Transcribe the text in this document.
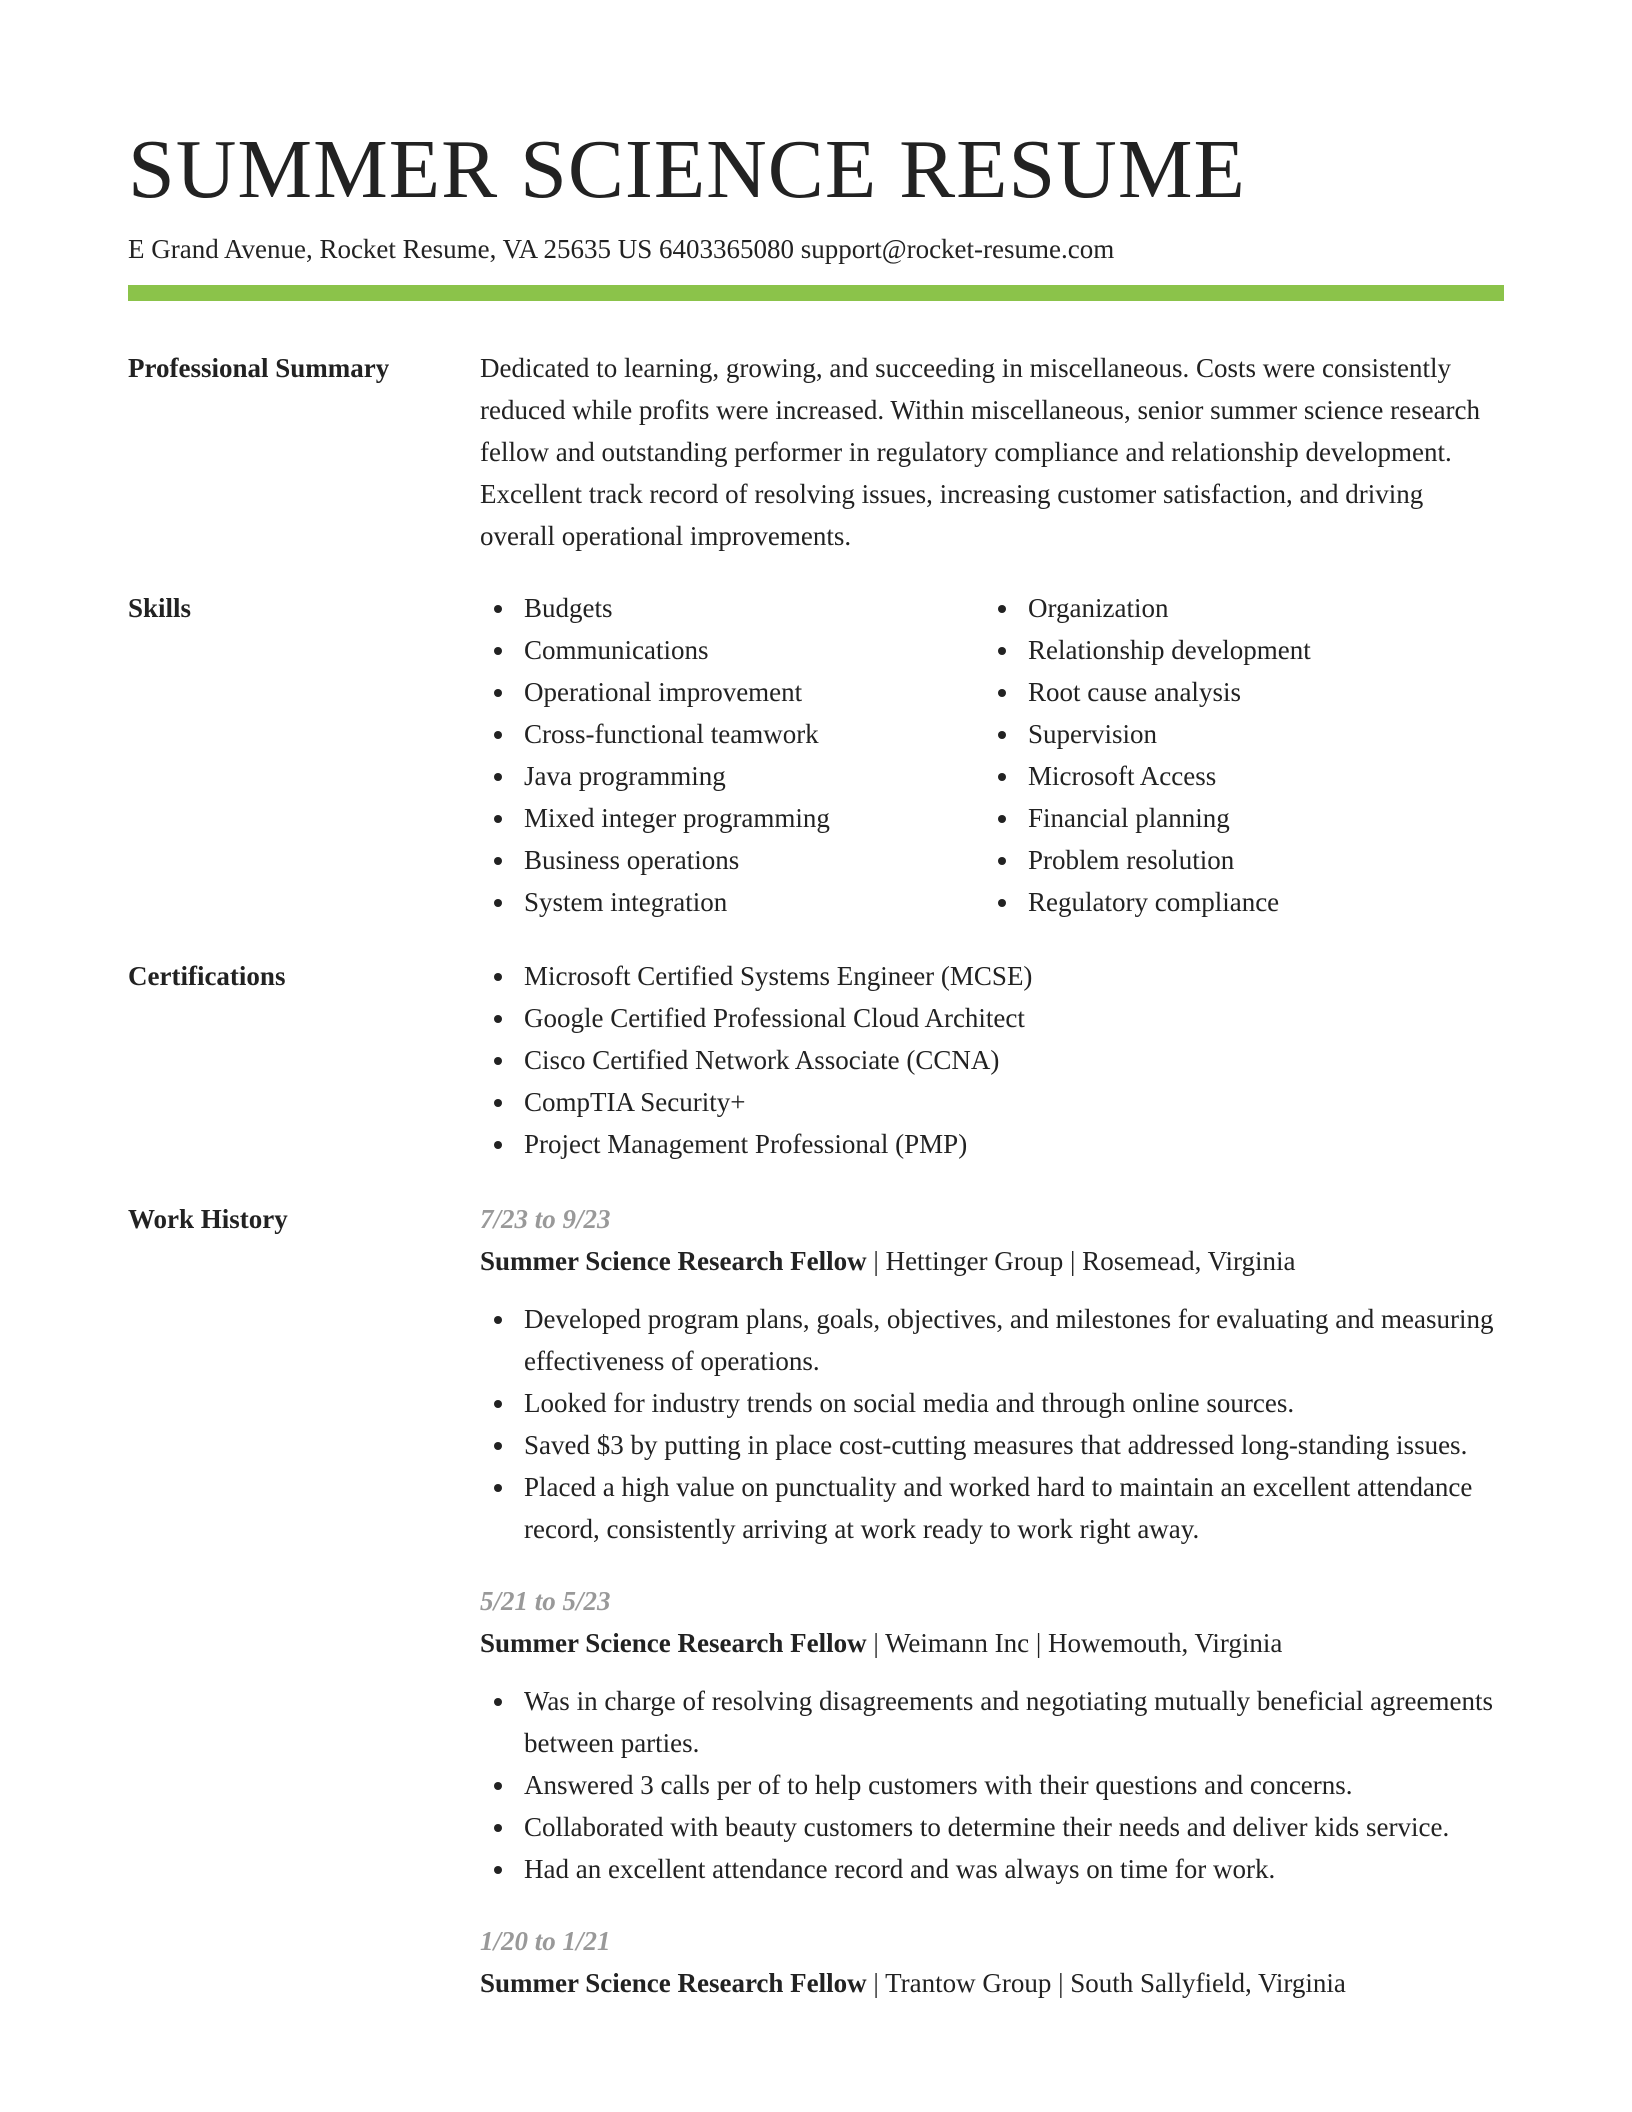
SUMMER SCIENCE RESUME
E Grand Avenue, Rocket Resume, VA 25635 US 6403365080 support@rocket-resume.com
Professional Summary	Dedicated to learning, growing, and succeeding in miscellaneous. Costs were consistently reduced while profits were increased. Within miscellaneous, senior summer science research fellow and outstanding performer in regulatory compliance and relationship development. Excellent track record of resolving issues, increasing customer satisfaction, and driving overall operational improvements.

Skills	Budgets
Communications
Operational improvement
Cross-functional teamwork
Java programming
Mixed integer programming
Business operations
System integration
Organization
Relationship development
Root cause analysis
Supervision
Microsoft Access
Financial planning
Problem resolution
Regulatory compliance
Certifications	Microsoft Certified Systems Engineer (MCSE)
Google Certified Professional Cloud Architect
Cisco Certified Network Associate (CCNA)
CompTIA Security+
Project Management Professional (PMP)
Work History	7/23 to 9/23
Summer Science Research Fellow | Hettinger Group | Rosemead, Virginia
Developed program plans, goals, objectives, and milestones for evaluating and measuring effectiveness of operations.
Looked for industry trends on social media and through online sources.
Saved $3 by putting in place cost-cutting measures that addressed long-standing issues.
Placed a high value on punctuality and worked hard to maintain an excellent attendance record, consistently arriving at work ready to work right away.
5/21 to 5/23
Summer Science Research Fellow | Weimann Inc | Howemouth, Virginia
Was in charge of resolving disagreements and negotiating mutually beneficial agreements between parties.
Answered 3 calls per of to help customers with their questions and concerns.
Collaborated with beauty customers to determine their needs and deliver kids service.
Had an excellent attendance record and was always on time for work.
1/20 to 1/21
Summer Science Research Fellow | Trantow Group | South Sallyfield, Virginia
